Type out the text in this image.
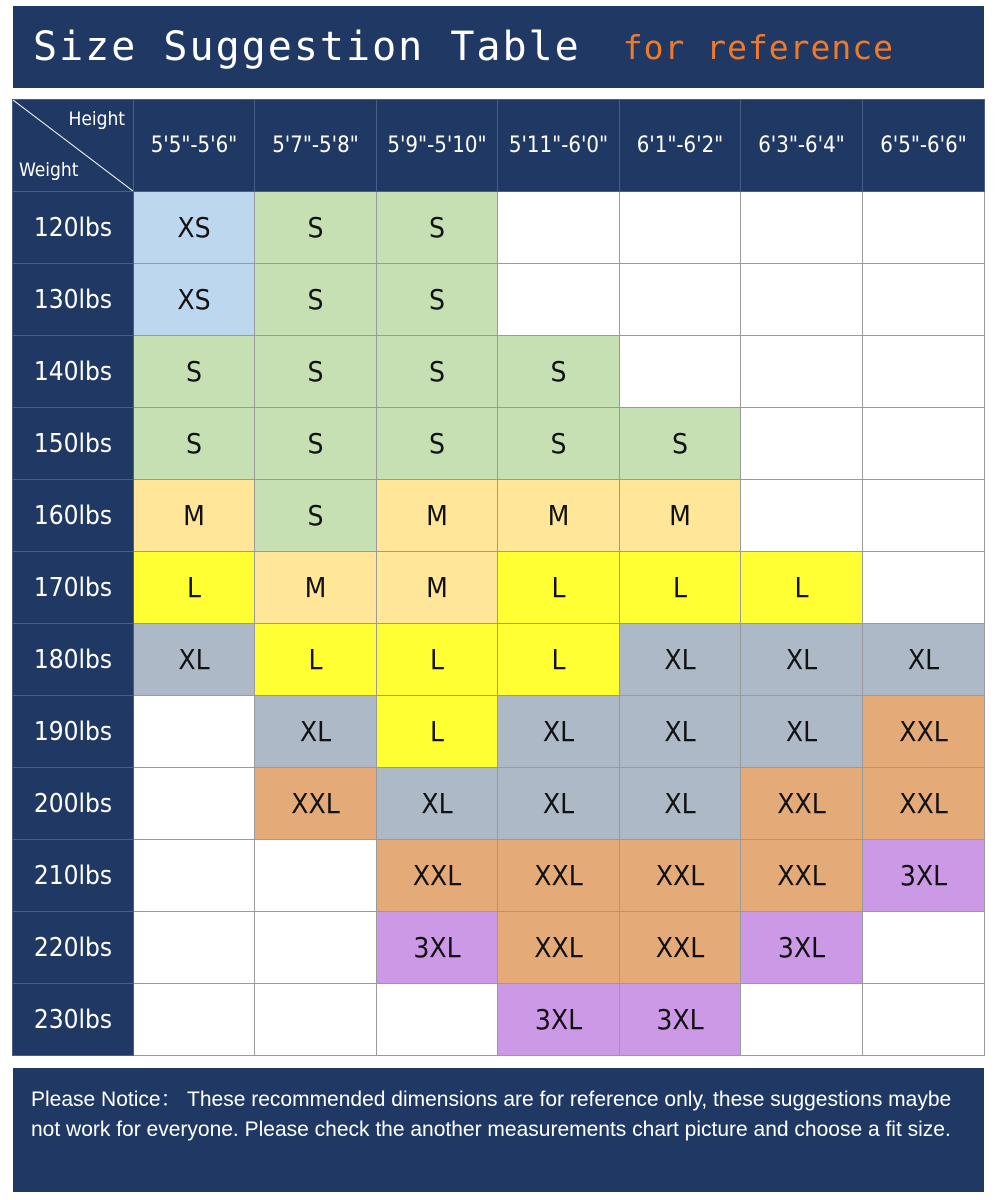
Size Suggestion Table for reference
Height
Weight	5'5"-5'6"	5'7"-5'8"	5'9"-5'10"	5'11"-6'0"	6'1"-6'2"	6'3"-6'4"	6'5"-6'6"
120lbs	XS	S	S				
130lbs	XS	S	S				
140lbs	S	S	S	S			
150lbs	S	S	S	S	S		
160lbs	M	S	M	M	M		
170lbs	L	M	M	L	L	L	
180lbs	XL	L	L	L	XL	XL	XL
190lbs		XL	L	XL	XL	XL	XXL
200lbs		XXL	XL	XL	XL	XXL	XXL
210lbs			XXL	XXL	XXL	XXL	3XL
220lbs			3XL	XXL	XXL	3XL	
230lbs				3XL	3XL		
Please Notice： These recommended dimensions are for reference only, these suggestions maybe not work for everyone. Please check the another measurements chart picture and choose a fit size.
